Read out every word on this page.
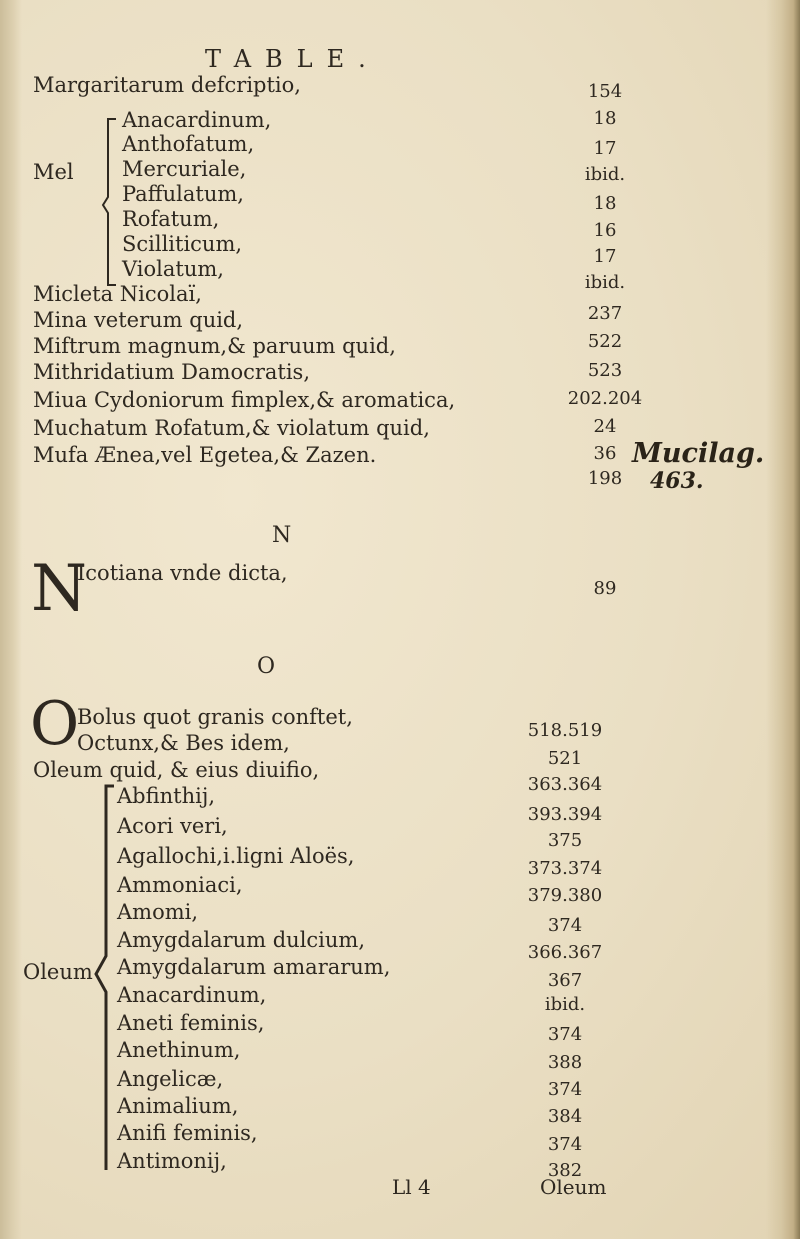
TABLE.
Margaritarum defcriptio,
Mel
Anacardinum,
Anthofatum,
Mercuriale,
Paffulatum,
Rofatum,
Scilliticum,
Violatum,
Micleta Nicolaï,
Mina veterum quid,
Miftrum magnum,& paruum quid,
Mithridatium Damocratis,
Miua Cydoniorum fimplex,& aromatica,
Muchatum Rofatum,& violatum quid,
Mufa Ænea,vel Egetea,& Zazen.
154
18
17
ibid.
18
16
17
ibid.
237
522
523
202.204
24
36
198
Mucilag.
463.
N
N
Icotiana vnde dicta,
89
O
O
Bolus quot granis conftet,
Octunx,& Bes idem,
Oleum quid, & eius diuifio,
Oleum
Abfinthij,
Acori veri,
Agallochi,i.ligni Aloës,
Ammoniaci,
Amomi,
Amygdalarum dulcium,
Amygdalarum amararum,
Anacardinum,
Aneti feminis,
Anethinum,
Angelicæ,
Animalium,
Anifi feminis,
Antimonij,
518.519
521
363.364
393.394
375
373.374
379.380
374
366.367
367
ibid.
374
388
374
384
374
382
Ll 4	Oleum
